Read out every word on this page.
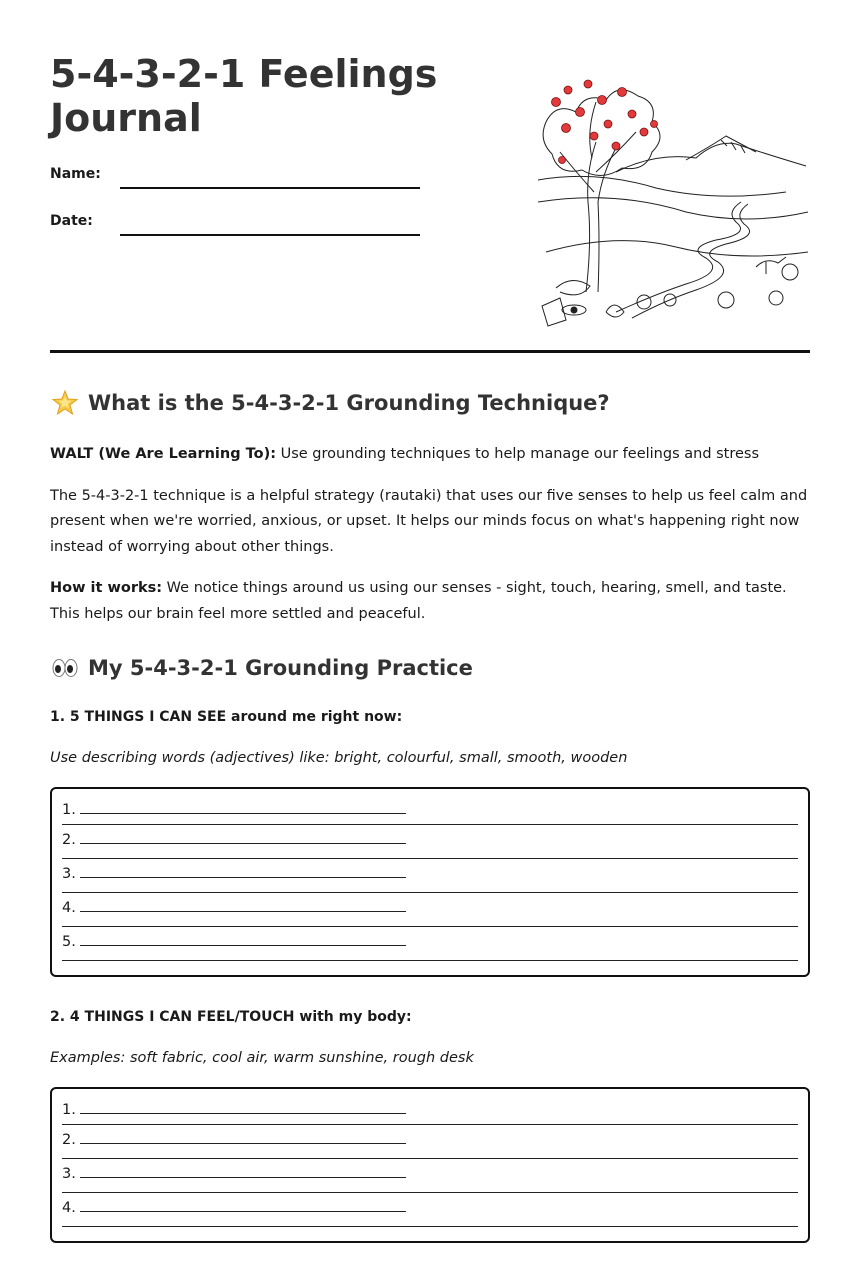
5-4-3-2-1 Feelings Journal
Name:
Date:
What is the 5-4-3-2-1 Grounding Technique?

WALT (We Are Learning To): Use grounding techniques to help manage our feelings and stress

The 5-4-3-2-1 technique is a helpful strategy (rautaki) that uses our five senses to help us feel calm and present when we're worried, anxious, or upset. It helps our minds focus on what's happening right now instead of worrying about other things.

How it works: We notice things around us using our senses - sight, touch, hearing, smell, and taste. This helps our brain feel more settled and peaceful.

My 5-4-3-2-1 Grounding Practice
1. 5 THINGS I CAN SEE around me right now:
Use describing words (adjectives) like: bright, colourful, small, smooth, wooden
1.
2.
3.
4.
5.
2. 4 THINGS I CAN FEEL/TOUCH with my body:
Examples: soft fabric, cool air, warm sunshine, rough desk
1.
2.
3.
4.
